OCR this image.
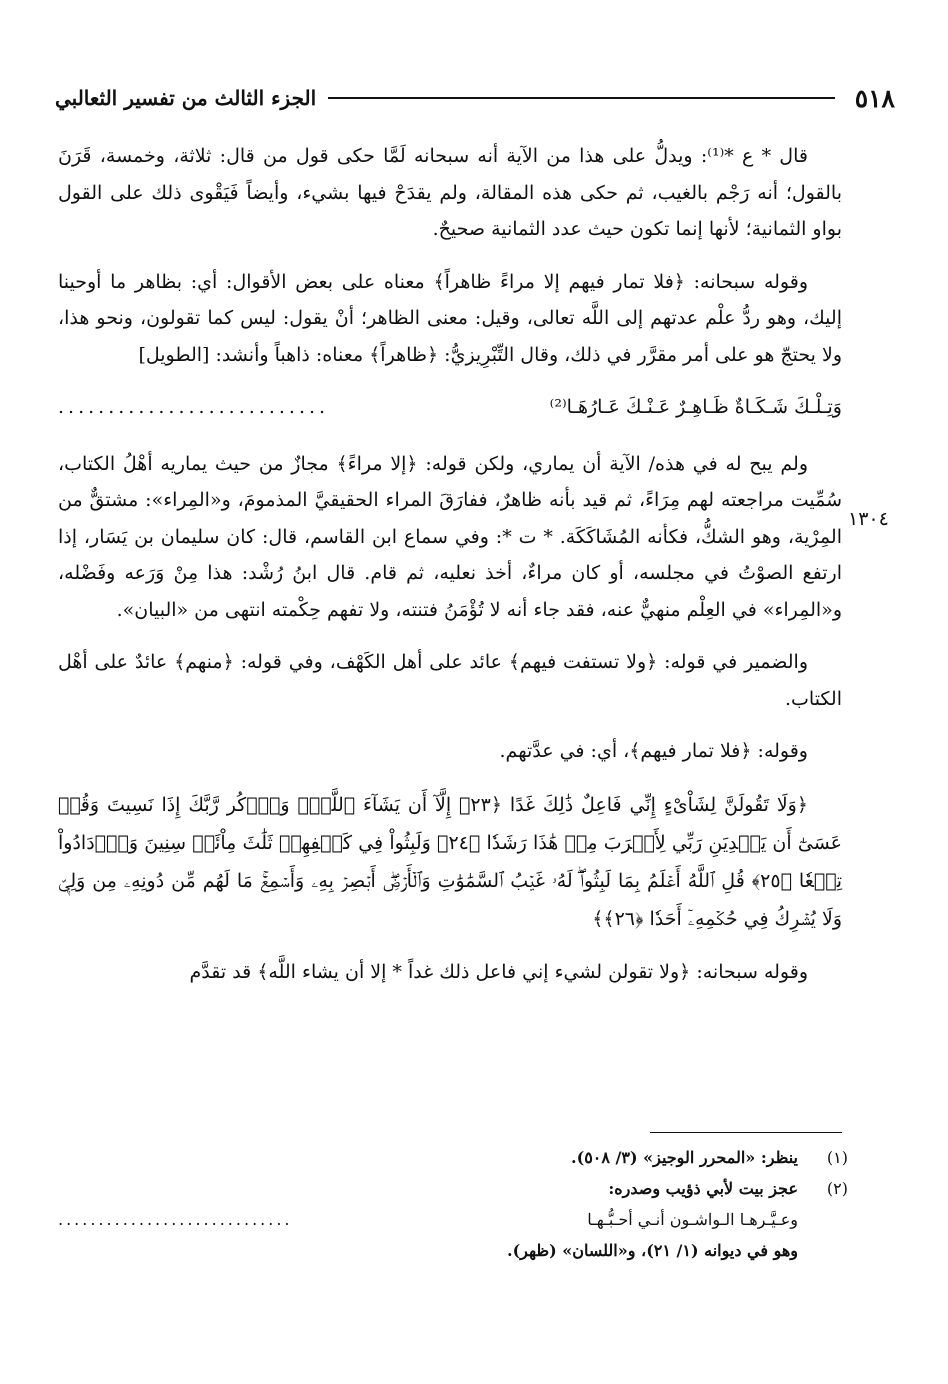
٥١٨
الجزء الثالث من تفسير الثعالبي
١٣٠٤

قال * ع *⁽¹⁾: ويدلُّ على هذا من الآية أنه سبحانه لَمَّا حكى قول من قال: ثلاثة، وخمسة، قَرَنَ بالقول؛ أنه رَجْم بالغيب، ثم حكى هذه المقالة، ولم يقدَحْ فيها بشيء، وأيضاً فَيَقْوى ذلك على القول بواو الثمانية؛ لأنها إنما تكون حيث عدد الثمانية صحيحٌ.

وقوله سبحانه: ﴿فلا تمار فيهم إلا مراءً ظاهراً﴾ معناه على بعض الأقوال: أي: بظاهر ما أوحينا إليك، وهو ردُّ علْم عدتهم إلى اللَّه تعالى، وقيل: معنى الظاهر؛ أنْ يقول: ليس كما تقولون، ونحو هذا، ولا يحتجّ هو على أمر مقرَّر في ذلك، وقال التِّبْرِيزيُّ: ﴿ظاهراً﴾ معناه: ذاهباً وأنشد: [الطويل]

وَتِـلْـكَ شَـكَـاةٌ ظَـاهِـرٌ عَـنْـكَ عَـارُهَـا⁽²⁾
...........................

ولم يبح له في هذه/ الآية أن يماري، ولكن قوله: ﴿إلا مراءً﴾ مجازٌ من حيث يماريه أهْلُ الكتاب، سُمِّيت مراجعته لهم مِرَاءً، ثم قيد بأنه ظاهرٌ، ففارَقَ المراء الحقيقيَّ المذمومَ، و«المِراء»: مشتقٌّ من المِرْية، وهو الشكُّ، فكأنه المُشَاكَكَة. * ت *: وفي سماع ابن القاسم، قال: كان سليمان بن يَسَار، إذا ارتفع الصوْتُ في مجلسه، أو كان مراءٌ، أخذ نعليه، ثم قام. قال ابنُ رُشْد: هذا مِنْ وَرَعه وفَضْله، و«المِراء» في العِلْم منهيٌّ عنه، فقد جاء أنه لا تُؤْمَنُ فتنته، ولا تفهم حِكْمته انتهى من «البيان».

والضمير في قوله: ﴿ولا تستفت فيهم﴾ عائد على أهل الكَهْف، وفي قوله: ﴿منهم﴾ عائدٌ على أهْل الكتاب.

وقوله: ﴿فلا تمار فيهم﴾، أي: في عدَّتهم.

﴿وَلَا تَقُولَنَّ لِشَاْىْءٍ إِنِّي فَاعِلٌ ذَٰلِكَ غَدًا ﴿٢٣﴾ إِلَّآ أَن يَشَآءَ ٱللَّهُۚ وَٱذۡكُر رَّبَّكَ إِذَا نَسِيتَ وَقُلۡ عَسَىٰٓ أَن يَهۡدِيَنِ رَبِّي لِأَقۡرَبَ مِنۡ هَٰذَا رَشَدٗا ﴿٢٤﴾ وَلَبِثُواْ فِي كَهۡفِهِمۡ ثَلَٰثَ مِاْئَةٖ سِنِينَ وَٱزۡدَادُواْ تِسۡعٗا ﴿٢٥﴾ قُلِ ٱللَّهُ أَعۡلَمُ بِمَا لَبِثُواْۖ لَهُۥ غَيۡبُ ٱلسَّمَٰوَٰتِ وَٱلۡأَرۡضِۖ أَبۡصِرۡ بِهِۦ وَأَسۡمِعۡۚ مَا لَهُم مِّن دُونِهِۦ مِن وَلِيّٖ وَلَا يُشۡرِكُ فِي حُكۡمِهِۦٓ أَحَدٗا ﴿٢٦﴾﴾

وقوله سبحانه: ﴿ولا تقولن لشيء إني فاعل ذلك غداً * إلا أن يشاء اللَّه﴾ قد تقدَّم

(١)
ينظر: «المحرر الوجيز» (٣/ ٥٠٨).
(٢)
عجز بيت لأبي ذؤيب وصدره:
وعـيَّـرهـا الـواشـون أنـي أحـبُّـهـا
.............................
وهو في ديوانه (١/ ٢١)، و«اللسان» (ظهر).
